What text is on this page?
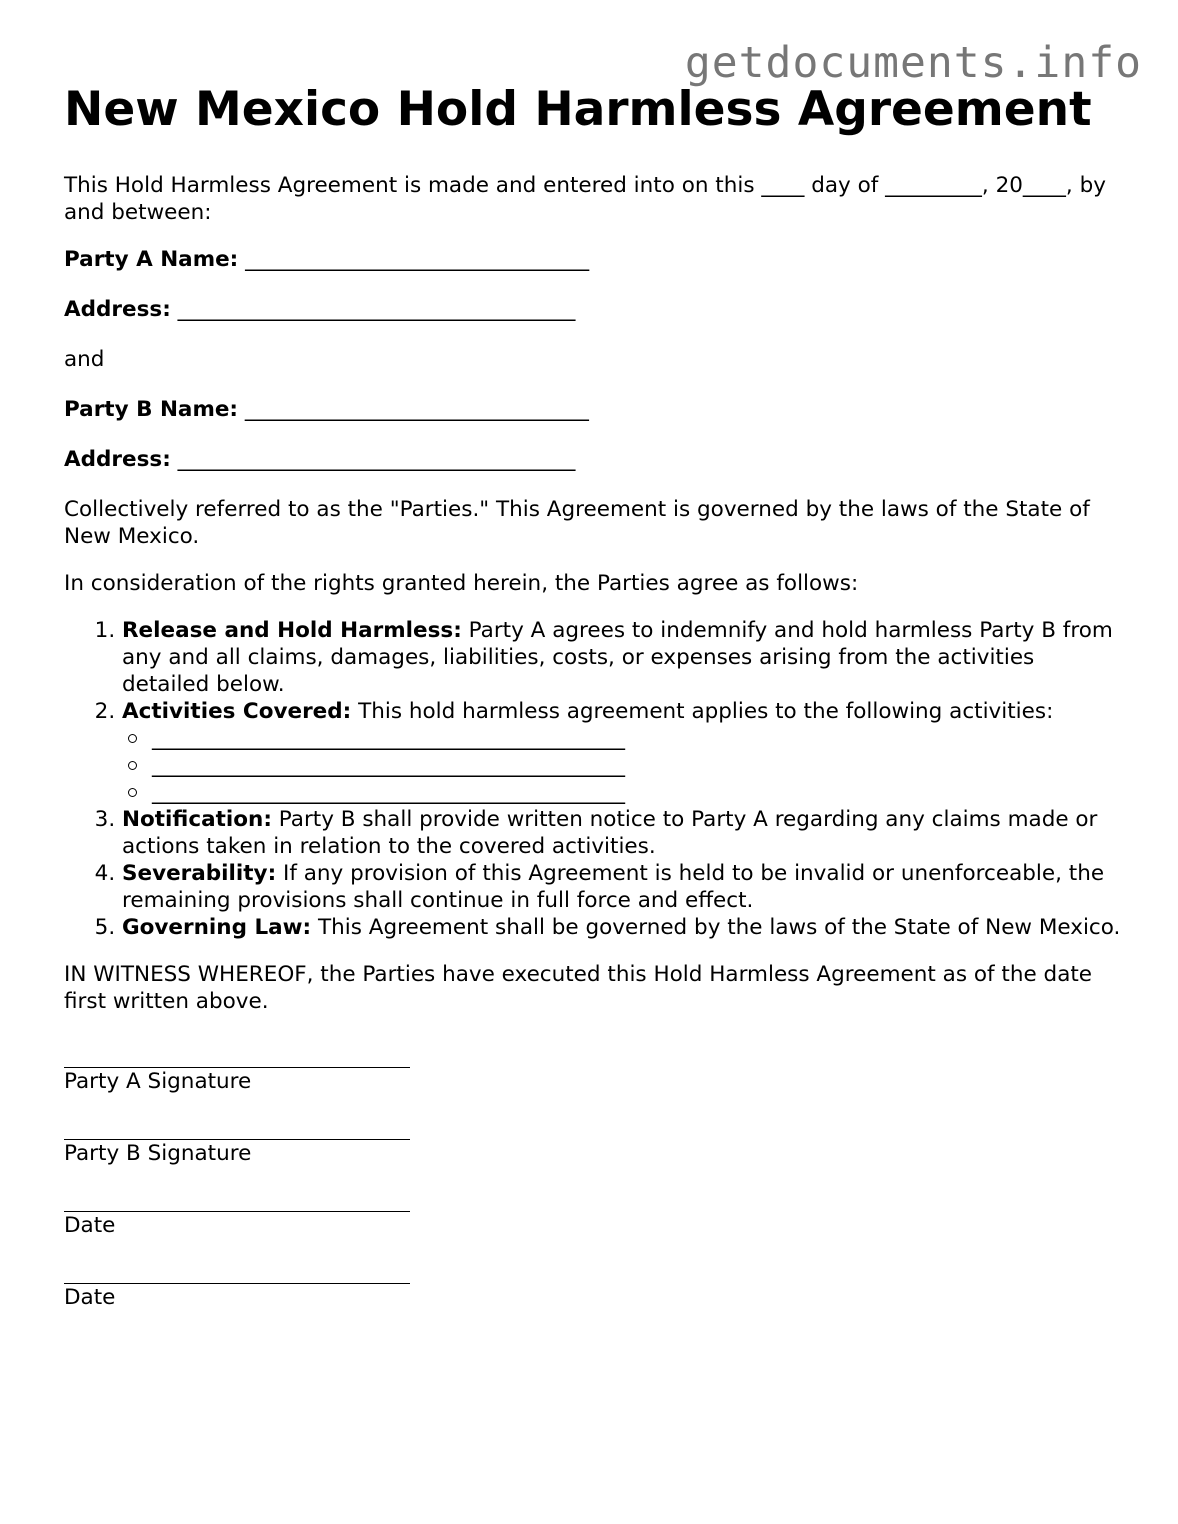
getdocuments.info
New Mexico Hold Harmless Agreement

This Hold Harmless Agreement is made and entered into on this ____ day of _________, 20____, by and between:

Party A Name: ________________________________

Address: _____________________________________

and

Party B Name: ________________________________

Address: _____________________________________

Collectively referred to as the "Parties." This Agreement is governed by the laws of the State of New Mexico.

In consideration of the rights granted herein, the Parties agree as follows:

1. Release and Hold Harmless: Party A agrees to indemnify and hold harmless Party B from any and all claims, damages, liabilities, costs, or expenses arising from the activities detailed below.
2. Activities Covered: This hold harmless agreement applies to the following activities:
____________________________________________
____________________________________________
____________________________________________
3. Notification: Party B shall provide written notice to Party A regarding any claims made or actions taken in relation to the covered activities.
4. Severability: If any provision of this Agreement is held to be invalid or unenforceable, the remaining provisions shall continue in full force and effect.
5. Governing Law: This Agreement shall be governed by the laws of the State of New Mexico.

IN WITNESS WHEREOF, the Parties have executed this Hold Harmless Agreement as of the date first written above.

Party A Signature
Party B Signature
Date
Date
